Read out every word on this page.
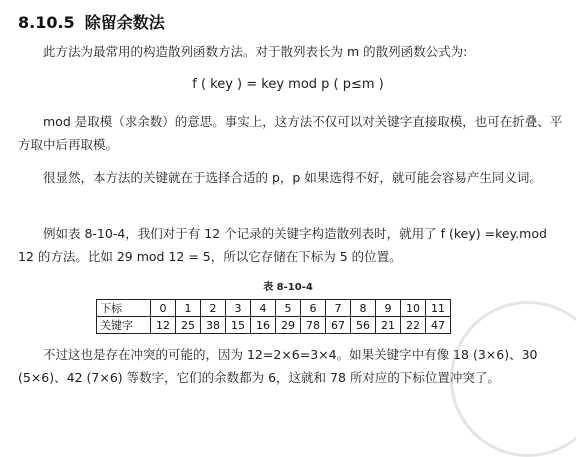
8.10.5 除留余数法

此方法为最常用的构造散列函数方法。对于散列表长为 m 的散列函数公式为:

f ( key ) = key mod p ( p≤m )

mod 是取模（求余数）的意思。事实上，这方法不仅可以对关键字直接取模，也可在折叠、平方取中后再取模。

很显然，本方法的关键就在于选择合适的 p，p 如果选得不好，就可能会容易产生同义词。

例如表 8-10-4，我们对于有 12 个记录的关键字构造散列表时，就用了 f (key) =key.mod 12 的方法。比如 29 mod 12 = 5，所以它存储在下标为 5 的位置。

表 8-10-4
下标	0	1	2	3	4	5	6	7	8	9	10	11
关键字	12	25	38	15	16	29	78	67	56	21	22	47

不过这也是存在冲突的可能的，因为 12=2×6=3×4。如果关键字中有像 18 (3×6)、30 (5×6)、42 (7×6) 等数字，它们的余数都为 6，这就和 78 所对应的下标位置冲突了。
